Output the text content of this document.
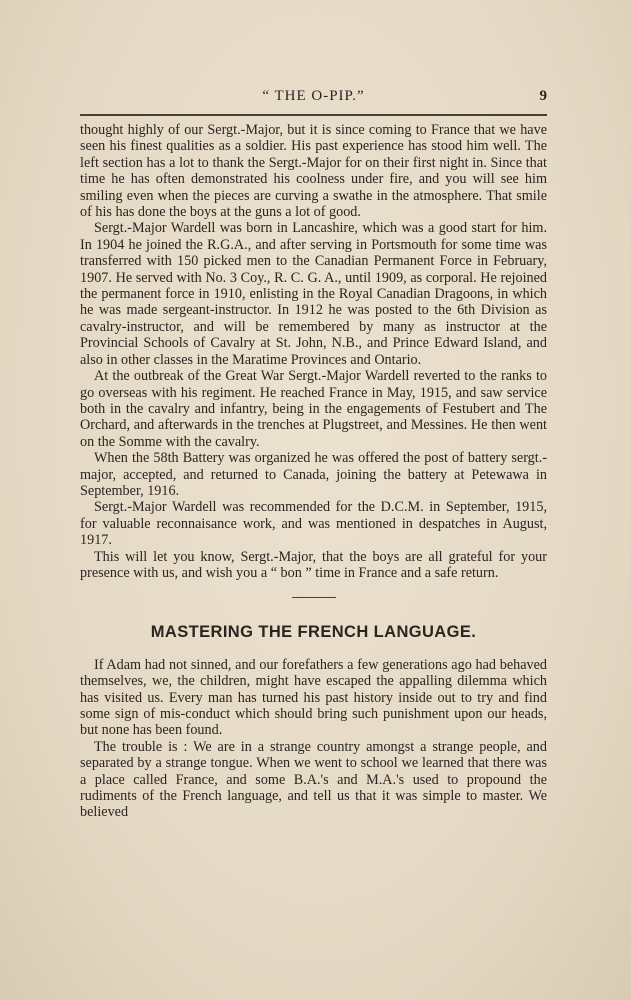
“ THE O-PIP.”	9

thought highly of our Sergt.-Major, but it is since coming to France that we have seen his finest qualities as a soldier. His past experience has stood him well. The left section has a lot to thank the Sergt.-Major for on their first night in. Since that time he has often demonstrated his coolness under fire, and you will see him smiling even when the pieces are curving a swathe in the atmosphere. That smile of his has done the boys at the guns a lot of good.

Sergt.-Major Wardell was born in Lancashire, which was a good start for him. In 1904 he joined the R.G.A., and after serving in Portsmouth for some time was transferred with 150 picked men to the Canadian Permanent Force in February, 1907. He served with No. 3 Coy., R. C. G. A., until 1909, as corporal. He rejoined the permanent force in 1910, enlisting in the Royal Canadian Dragoons, in which he was made sergeant-instructor. In 1912 he was posted to the 6th Division as cavalry-instructor, and will be remembered by many as instructor at the Provincial Schools of Cavalry at St. John, N.B., and Prince Edward Island, and also in other classes in the Maratime Provinces and Ontario.

At the outbreak of the Great War Sergt.-Major Wardell reverted to the ranks to go overseas with his regiment. He reached France in May, 1915, and saw service both in the cavalry and infantry, being in the engagements of Festubert and The Orchard, and afterwards in the trenches at Plugstreet, and Messines. He then went on the Somme with the cavalry.

When the 58th Battery was organized he was offered the post of battery sergt.-major, accepted, and returned to Canada, joining the battery at Petewawa in September, 1916.

Sergt.-Major Wardell was recommended for the D.C.M. in September, 1915, for valuable reconnaisance work, and was mentioned in despatches in August, 1917.

This will let you know, Sergt.-Major, that the boys are all grateful for your presence with us, and wish you a “ bon ” time in France and a safe return.

MASTERING THE FRENCH LANGUAGE.

If Adam had not sinned, and our forefathers a few generations ago had behaved themselves, we, the children, might have escaped the appalling dilemma which has visited us. Every man has turned his past history inside out to try and find some sign of mis-conduct which should bring such punishment upon our heads, but none has been found.

The trouble is : We are in a strange country amongst a strange people, and separated by a strange tongue. When we went to school we learned that there was a place called France, and some B.A.'s and M.A.'s used to propound the rudiments of the French language, and tell us that it was simple to master. We believed
